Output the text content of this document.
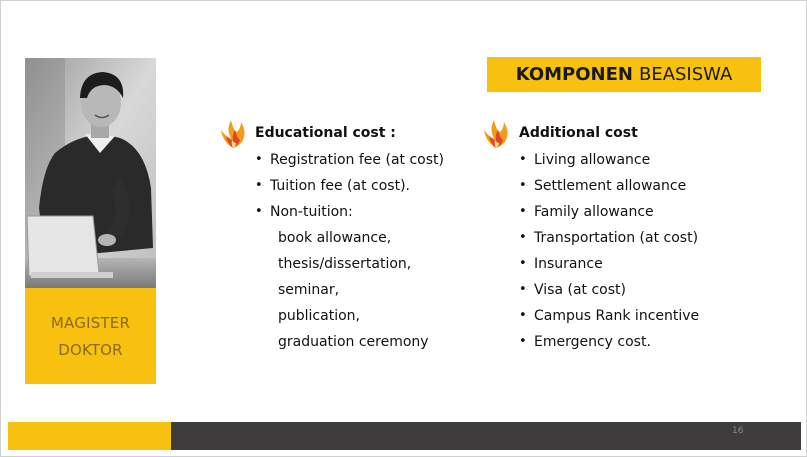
MAGISTER
DOKTOR
KOMPONEN BEASISWA
Educational cost :
• Registration fee (at cost)
• Tuition fee (at cost).
• Non-tuition:
book allowance,
thesis/dissertation,
seminar,
publication,
graduation ceremony
Additional cost
• Living allowance
• Settlement allowance
• Family allowance
• Transportation (at cost)
• Insurance
• Visa (at cost)
• Campus Rank incentive
• Emergency cost.
16
